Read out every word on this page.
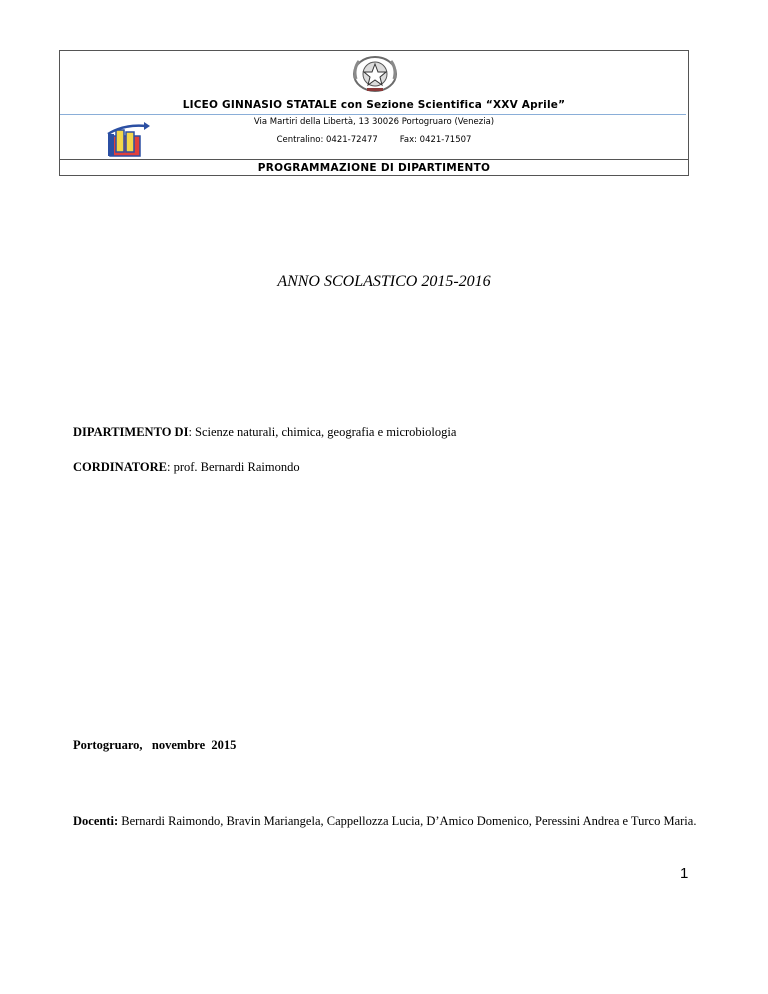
LICEO GINNASIO STATALE con Sezione Scientifica “XXV Aprile”
Via Martiri della Libertà, 13 30026 Portogruaro (Venezia)
Centralino: 0421-72477	Fax: 0421-71507
PROGRAMMAZIONE DI DIPARTIMENTO
ANNO SCOLASTICO 2015-2016
DIPARTIMENTO DI: Scienze naturali, chimica, geografia e microbiologia
CORDINATORE: prof. Bernardi Raimondo
Portogruaro,   novembre  2015
Docenti: Bernardi Raimondo, Bravin Mariangela, Cappellozza Lucia, D’Amico Domenico, Peressini Andrea e Turco Maria.
1
